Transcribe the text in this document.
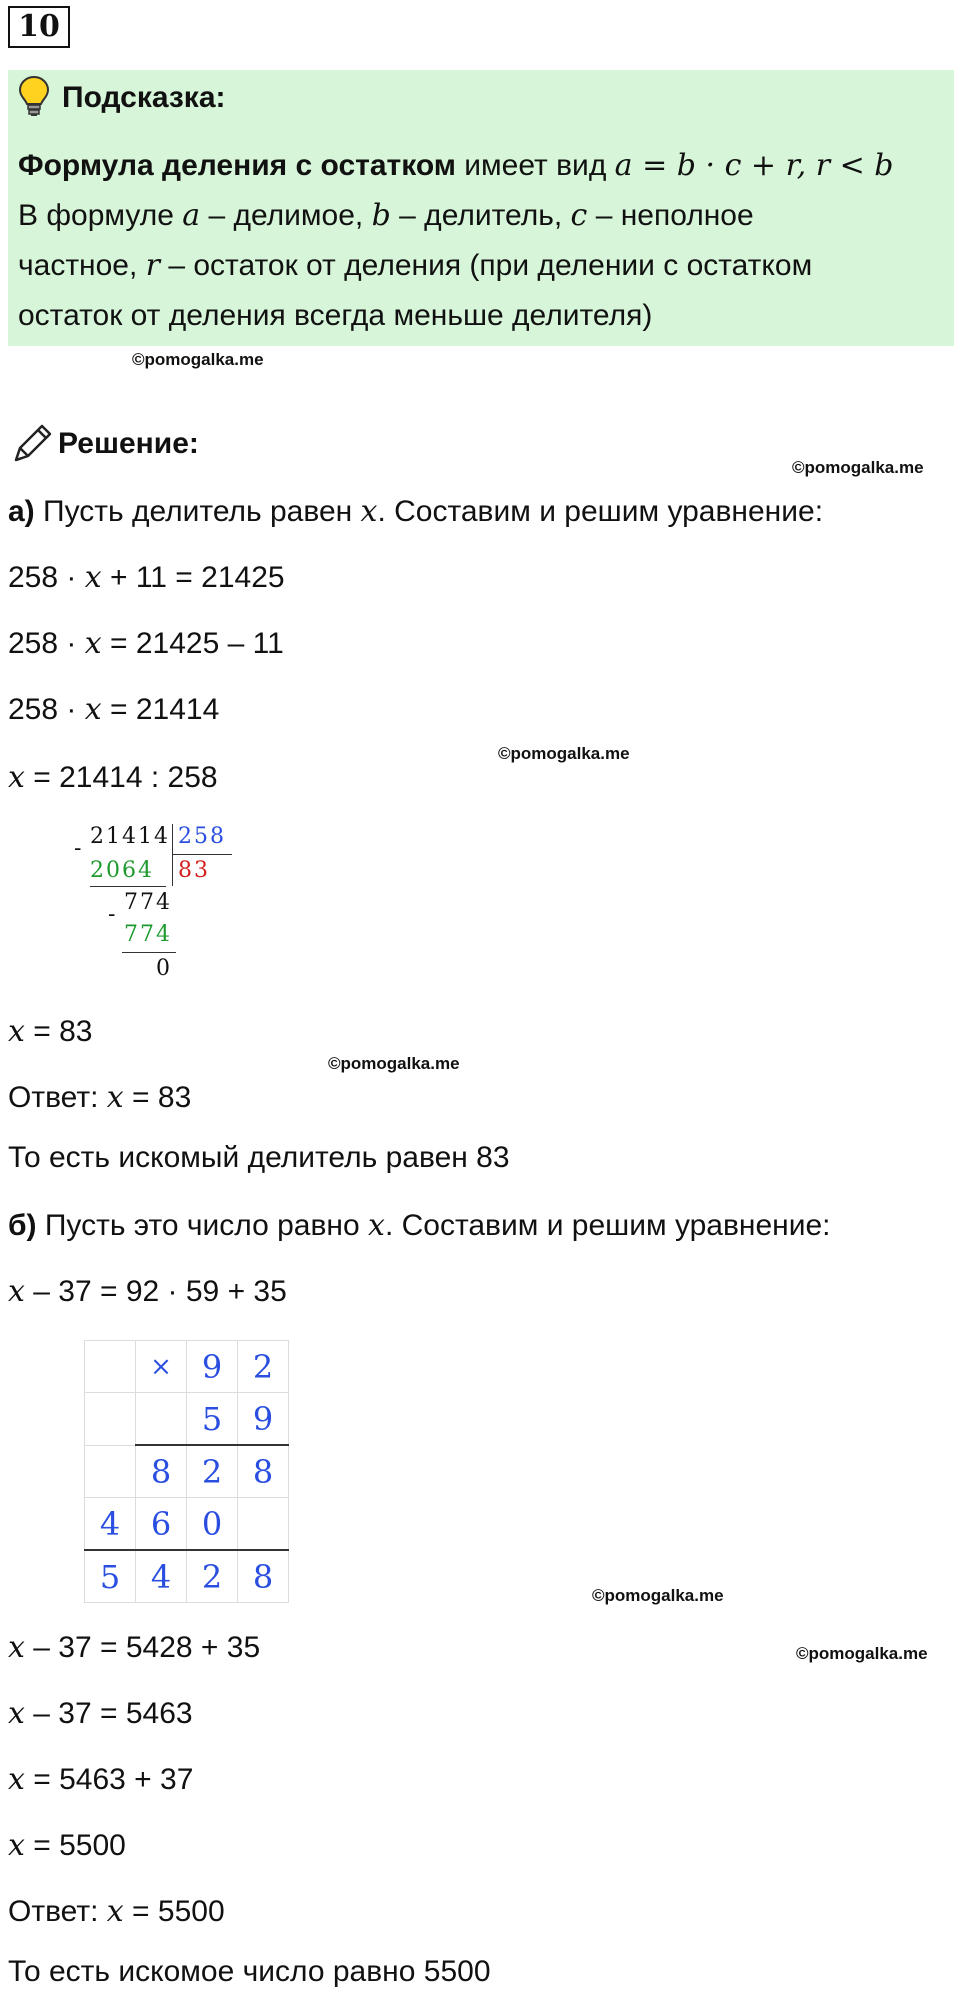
10
Подсказка:
Формула деления с остатком имеет вид a = b · c + r, r < b
В формуле a – делимое, b – делитель, c – неполное
частное, r – остаток от деления (при делении с остатком
остаток от деления всегда меньше делителя)
©pomogalka.me
Решение:
©pomogalka.me
а) Пусть делитель равен x. Составим и решим уравнение:
258 · x + 11 = 21425
258 · x = 21425 – 11
258 · x = 21414
©pomogalka.me
x = 21414 : 258
21414 258
-
2064 83
774
-
774
0
x = 83
©pomogalka.me
Ответ: x = 83
То есть искомый делитель равен 83
б) Пусть это число равно x. Составим и решим уравнение:
x – 37 = 92 · 59 + 35
	×	9	2
		5	9
	8	2	8
4	6	0	
5	4	2	8	©pomogalka.me
x – 37 = 5428 + 35	©pomogalka.me
x – 37 = 5463
x = 5463 + 37
x = 5500
Ответ: x = 5500
То есть искомое число равно 5500
